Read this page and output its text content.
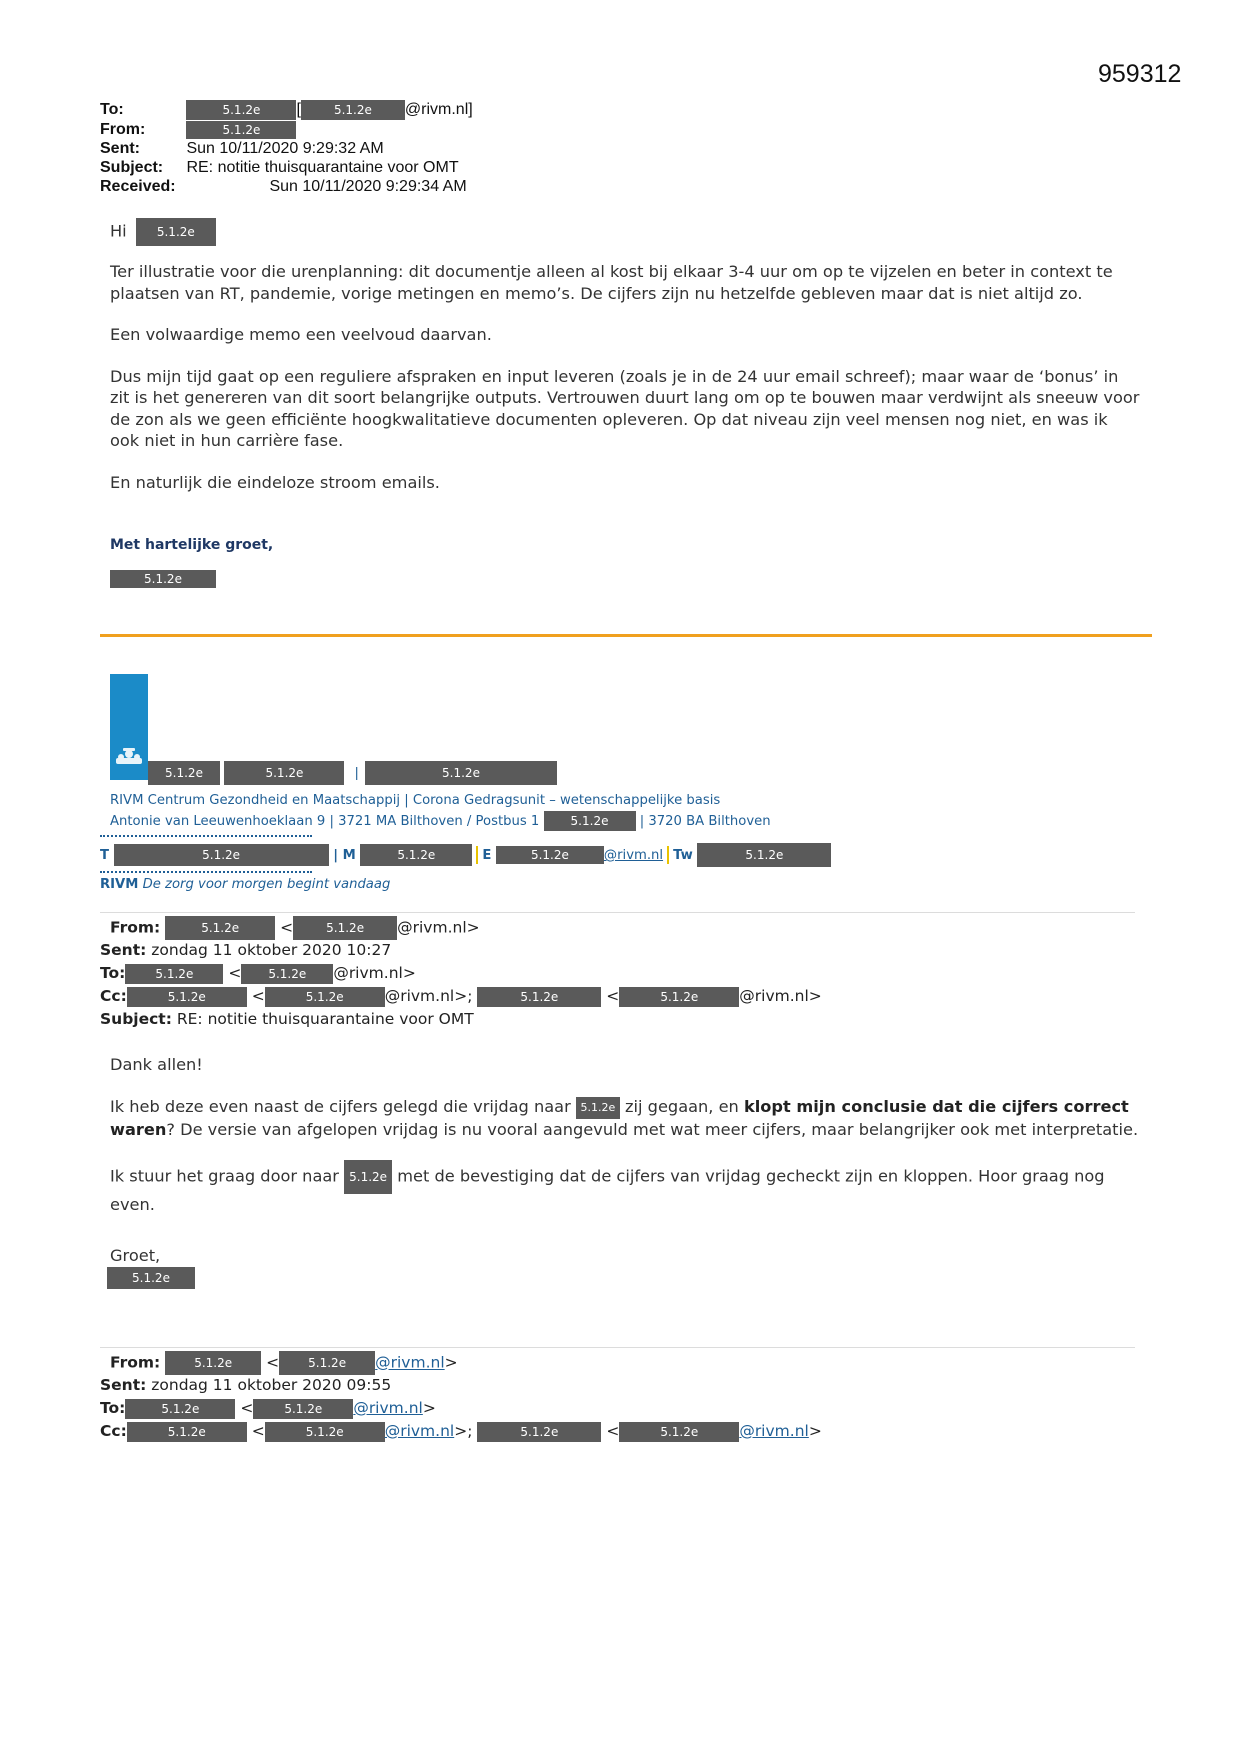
959312
To:	5.1.2e [	5.1.2e @rivm.nl]
From:	5.1.2e
Sent:	Sun 10/11/2020 9:29:32 AM
Subject: RE: notitie thuisquarantaine voor OMT
Received:	Sun 10/11/2020 9:29:34 AM
Hi	5.1.2e

Ter illustratie voor die urenplanning: dit documentje alleen al kost bij elkaar 3-4 uur om op te vijzelen en beter in context te plaatsen van RT, pandemie, vorige metingen en memo’s. De cijfers zijn nu hetzelfde gebleven maar dat is niet altijd zo.

Een volwaardige memo een veelvoud daarvan.

Dus mijn tijd gaat op een reguliere afspraken en input leveren (zoals je in de 24 uur email schreef); maar waar de ‘bonus’ in zit is het genereren van dit soort belangrijke outputs. Vertrouwen duurt lang om op te bouwen maar verdwijnt als sneeuw voor de zon als we geen efficiënte hoogkwalitatieve documenten opleveren. Op dat niveau zijn veel mensen nog niet, en was ik ook niet in hun carrière fase.

En naturlijk die eindeloze stroom emails.

Met hartelijke groet,
5.1.2e
5.1.2e	5.1.2e	|	5.1.2e
RIVM Centrum Gezondheid en Maatschappij | Corona Gedragsunit – wetenschappelijke basis
Antonie van Leeuwenhoeklaan 9 | 3721 MA Bilthoven / Postbus 1	5.1.2e | 3720 BA Bilthoven
T	5.1.2e	| M	5.1.2e	E	5.1.2e	@rivm.nl Tw	5.1.2e
RIVM De zorg voor morgen begint vandaag
From:	5.1.2e	<	5.1.2e @rivm.nl>
Sent: zondag 11 oktober 2020 10:27
To:	5.1.2e < 5.1.2e @rivm.nl>
Cc:	5.1.2e	<	5.1.2e	@rivm.nl>;	5.1.2e	<	5.1.2e	@rivm.nl>
Subject: RE: notitie thuisquarantaine voor OMT
Dank allen!

Ik heb deze even naast de cijfers gelegd die vrijdag naar 5.1.2e zij gegaan, en klopt mijn conclusie dat die cijfers correct waren? De versie van afgelopen vrijdag is nu vooral aangevuld met wat meer cijfers, maar belangrijker ook met interpretatie.

Ik stuur het graag door naar 5.1.2e met de bevestiging dat de cijfers van vrijdag gecheckt zijn en kloppen. Hoor graag nog even.

Groet,
5.1.2e
From:	5.1.2e < 5.1.2e @rivm.nl>
Sent: zondag 11 oktober 2020 09:55
To:	5.1.2e	<	5.1.2e @rivm.nl>
Cc:	5.1.2e	<	5.1.2e	@rivm.nl>;	5.1.2e	<	5.1.2e	@rivm.nl>
